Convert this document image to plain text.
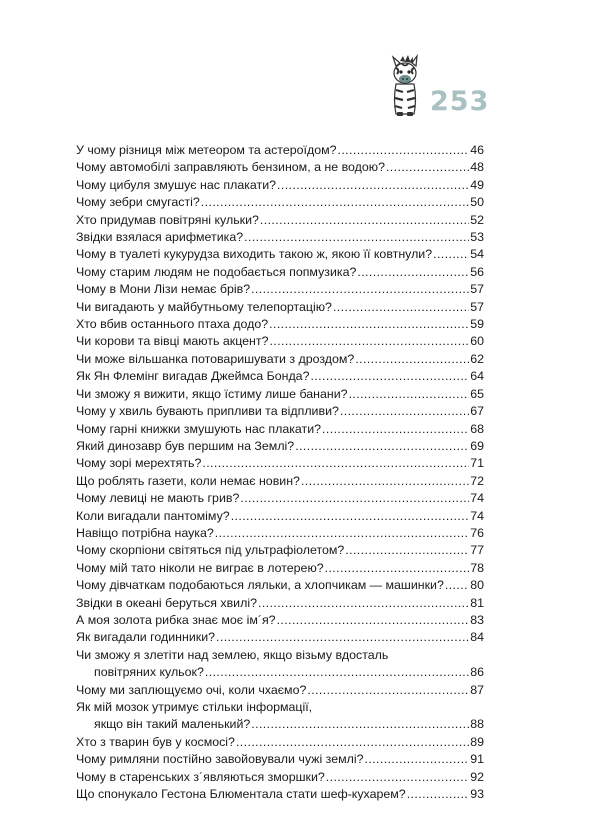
253
У чому різниця між метеором та астероїдом? .....	46
Чому автомобілі заправляють бензином, а не водою? .....	48
Чому цибуля змушує нас плакати? .....	49
Чому зебри смугасті? .....	50
Хто придумав повітряні кульки? .....	52
Звідки взялася арифметика? .....	53
Чому в туалеті кукурудза виходить такою ж, якою її ковтнули? .....	54
Чому старим людям не подобається попмузика? .....	56
Чому в Мони Лізи немає брів? .....	57
Чи вигадають у майбутньому телепортацію? .....	57
Хто вбив останнього птаха додо? .....	59
Чи корови та вівці мають акцент? .....	60
Чи може вільшанка потоваришувати з дроздом? .....	62
Як Ян Флемінг вигадав Джеймса Бонда? .....	64
Чи зможу я вижити, якщо їстиму лише банани? .....	65
Чому у хвиль бувають припливи та відпливи? .....	67
Чому гарні книжки змушують нас плакати? .....	68
Який динозавр був першим на Землі? .....	69
Чому зорі мерехтять? .....	71
Що роблять газети, коли немає новин? .....	72
Чому левиці не мають грив? .....	74
Коли вигадали пантоміму? .....	74
Навіщо потрібна наука? .....	76
Чому скорпіони світяться під ультрафіолетом? .....	77
Чому мій тато ніколи не виграє в лотерею? .....	78
Чому дівчаткам подобаються ляльки, а хлопчикам — машинки? ..... 80
Звідки в океані беруться хвилі? .....	81
А моя золота рибка знає моє ім´я? .....	83
Як вигадали годинники? .....	84
Чи зможу я злетіти над землею, якщо візьму вдосталь
повітряних кульок? .....	86
Чому ми заплющуємо очі, коли чхаємо? .....	87
Як мій мозок утримує стільки інформації,
якщо він такий маленький? .....	88
Хто з тварин був у космосі? .....	89
Чому римляни постійно завойовували чужі землі? .....	91
Чому в старенських з´являються зморшки? .....	92
Що спонукало Гестона Блюментала стати шеф-кухарем? .....	93
